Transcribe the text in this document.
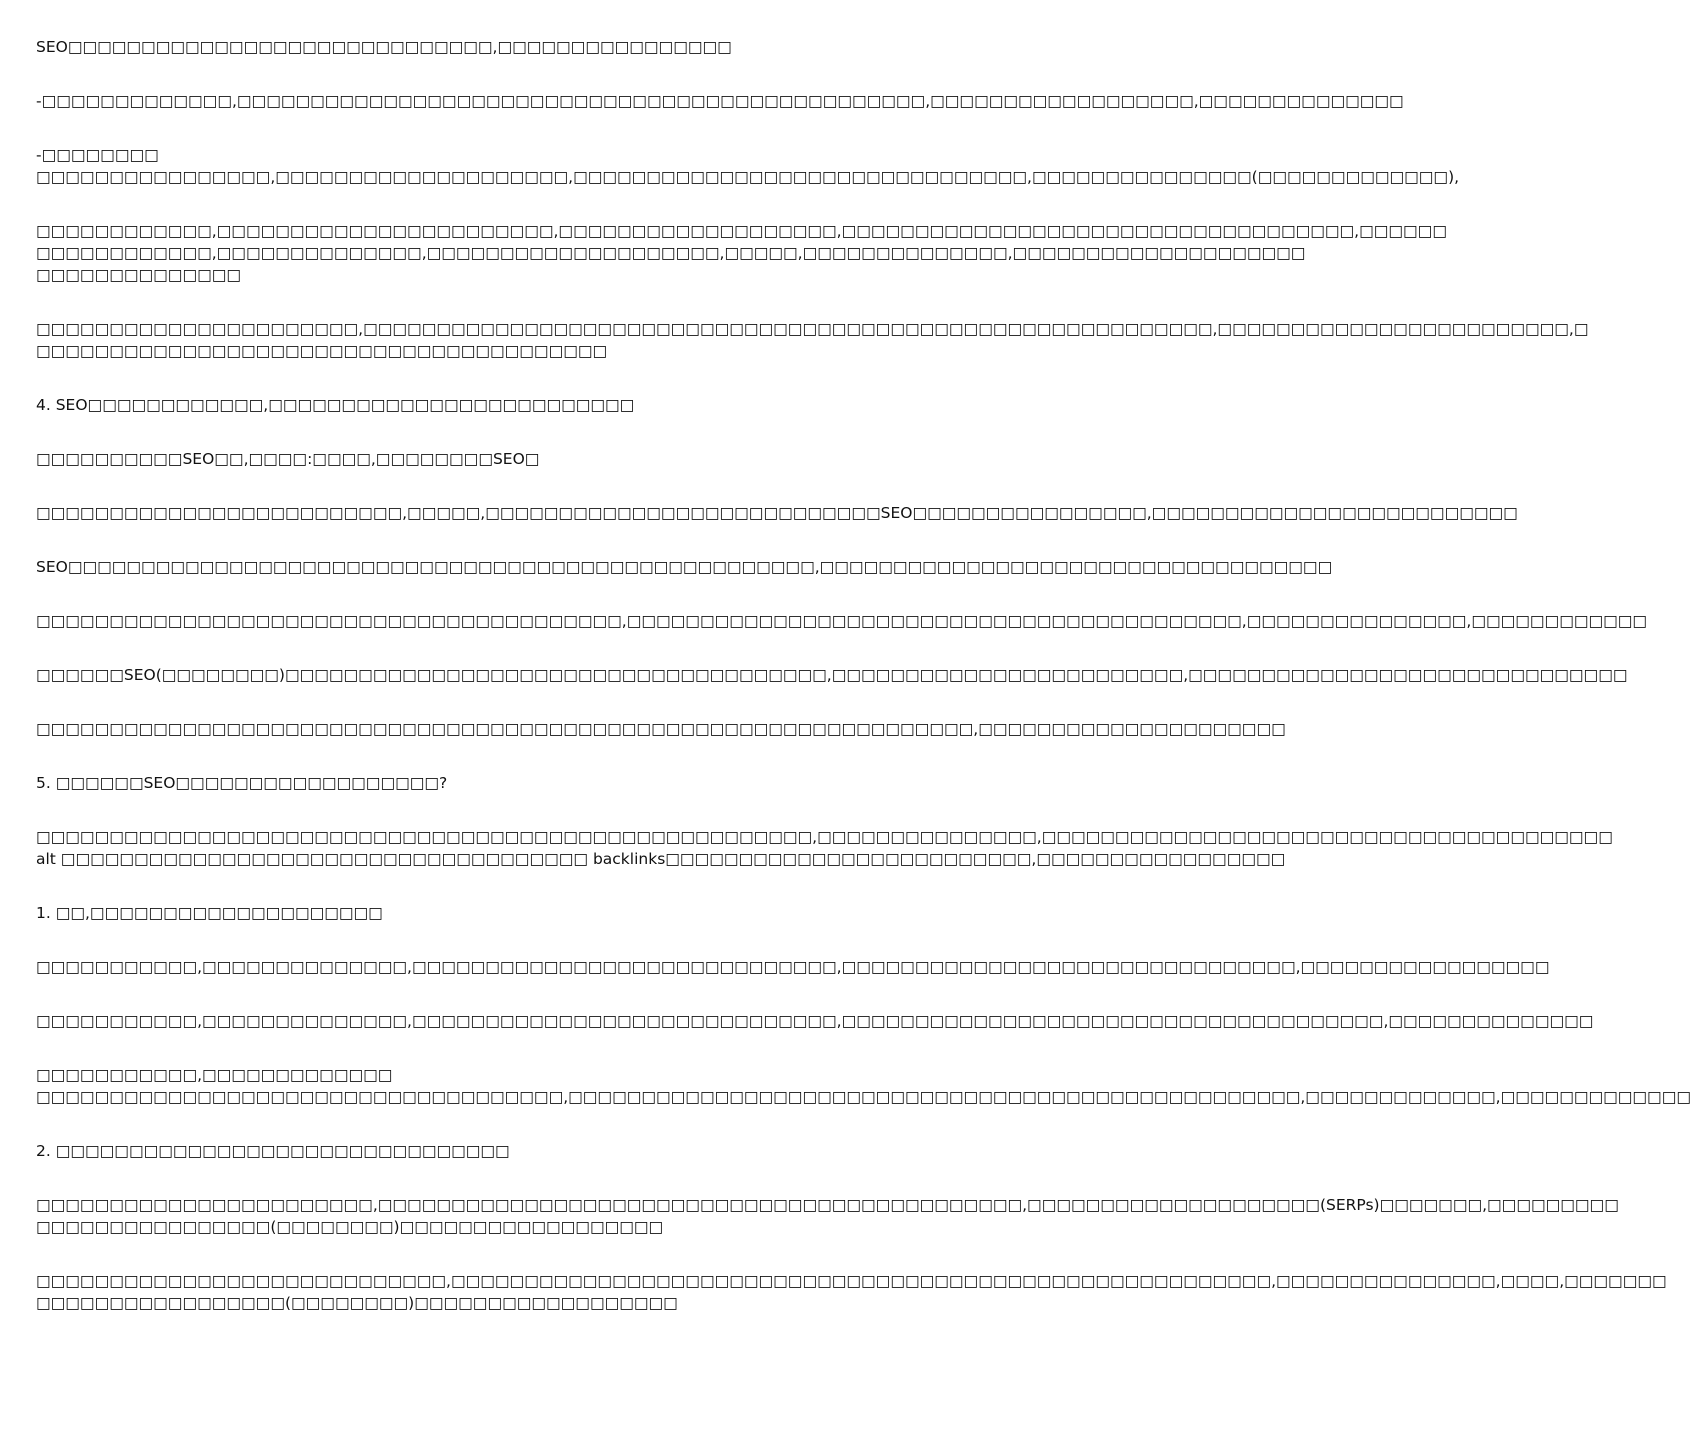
SEO□□□□□□□□□□□□□□□□□□□□□□□□□□□□□,□□□□□□□□□□□□□□□□
-□□□□□□□□□□□□□,□□□□□□□□□□□□□□□□□□□□□□□□□□□□□□□□□□□□□□□□□□□□□□□,□□□□□□□□□□□□□□□□□□,□□□□□□□□□□□□□□
-□□□□□□□□
□□□□□□□□□□□□□□□□,□□□□□□□□□□□□□□□□□□□□,□□□□□□□□□□□□□□□□□□□□□□□□□□□□□□□,□□□□□□□□□□□□□□□(□□□□□□□□□□□□□),
□□□□□□□□□□□□,□□□□□□□□□□□□□□□□□□□□□□□,□□□□□□□□□□□□□□□□□□□,□□□□□□□□□□□□□□□□□□□□□□□□□□□□□□□□□□□,□□□□□□
□□□□□□□□□□□□,□□□□□□□□□□□□□□,□□□□□□□□□□□□□□□□□□□□,□□□□□,□□□□□□□□□□□□□□,□□□□□□□□□□□□□□□□□□□□
□□□□□□□□□□□□□□
□□□□□□□□□□□□□□□□□□□□□□,□□□□□□□□□□□□□□□□□□□□□□□□□□□□□□□□□□□□□□□□□□□□□□□□□□□□□□□□□□,□□□□□□□□□□□□□□□□□□□□□□□□,□
□□□□□□□□□□□□□□□□□□□□□□□□□□□□□□□□□□□□□□□
4. SEO□□□□□□□□□□□□,□□□□□□□□□□□□□□□□□□□□□□□□□
□□□□□□□□□□SEO□□,□□□□:□□□□,□□□□□□□□SEO□
□□□□□□□□□□□□□□□□□□□□□□□□□,□□□□□,□□□□□□□□□□□□□□□□□□□□□□□□□□□SEO□□□□□□□□□□□□□□□□,□□□□□□□□□□□□□□□□□□□□□□□□□
SEO□□□□□□□□□□□□□□□□□□□□□□□□□□□□□□□□□□□□□□□□□□□□□□□□□□□,□□□□□□□□□□□□□□□□□□□□□□□□□□□□□□□□□□□
□□□□□□□□□□□□□□□□□□□□□□□□□□□□□□□□□□□□□□□□,□□□□□□□□□□□□□□□□□□□□□□□□□□□□□□□□□□□□□□□□□□,□□□□□□□□□□□□□□□,□□□□□□□□□□□□
□□□□□□SEO(□□□□□□□□)□□□□□□□□□□□□□□□□□□□□□□□□□□□□□□□□□□□□□,□□□□□□□□□□□□□□□□□□□□□□□□,□□□□□□□□□□□□□□□□□□□□□□□□□□□□□□
□□□□□□□□□□□□□□□□□□□□□□□□□□□□□□□□□□□□□□□□□□□□□□□□□□□□□□□□□□□□□□□□,□□□□□□□□□□□□□□□□□□□□□
5. □□□□□□SEO□□□□□□□□□□□□□□□□□□?
□□□□□□□□□□□□□□□□□□□□□□□□□□□□□□□□□□□□□□□□□□□□□□□□□□□□□,□□□□□□□□□□□□□□□,□□□□□□□□□□□□□□□□□□□□□□□□□□□□□□□□□□□□□□□
alt □□□□□□□□□□□□□□□□□□□□□□□□□□□□□□□□□□□□ backlinks□□□□□□□□□□□□□□□□□□□□□□□□□,□□□□□□□□□□□□□□□□□
1. □□,□□□□□□□□□□□□□□□□□□□□
□□□□□□□□□□□,□□□□□□□□□□□□□□,□□□□□□□□□□□□□□□□□□□□□□□□□□□□□,□□□□□□□□□□□□□□□□□□□□□□□□□□□□□□□,□□□□□□□□□□□□□□□□□
□□□□□□□□□□□,□□□□□□□□□□□□□□,□□□□□□□□□□□□□□□□□□□□□□□□□□□□□,□□□□□□□□□□□□□□□□□□□□□□□□□□□□□□□□□□□□□,□□□□□□□□□□□□□□
□□□□□□□□□□□,□□□□□□□□□□□□□
□□□□□□□□□□□□□□□□□□□□□□□□□□□□□□□□□□□□,□□□□□□□□□□□□□□□□□□□□□□□□□□□□□□□□□□□□□□□□□□□□□□□□□□,□□□□□□□□□□□□□,□□□□□□□□□□□□□
2. □□□□□□□□□□□□□□□□□□□□□□□□□□□□□□□
□□□□□□□□□□□□□□□□□□□□□□□,□□□□□□□□□□□□□□□□□□□□□□□□□□□□□□□□□□□□□□□□□□□□,□□□□□□□□□□□□□□□□□□□□(SERPs)□□□□□□□,□□□□□□□□□
□□□□□□□□□□□□□□□□(□□□□□□□□)□□□□□□□□□□□□□□□□□□
□□□□□□□□□□□□□□□□□□□□□□□□□□□□,□□□□□□□□□□□□□□□□□□□□□□□□□□□□□□□□□□□□□□□□□□□□□□□□□□□□□□□□,□□□□□□□□□□□□□□□,□□□□,□□□□□□□
□□□□□□□□□□□□□□□□□(□□□□□□□□)□□□□□□□□□□□□□□□□□□
